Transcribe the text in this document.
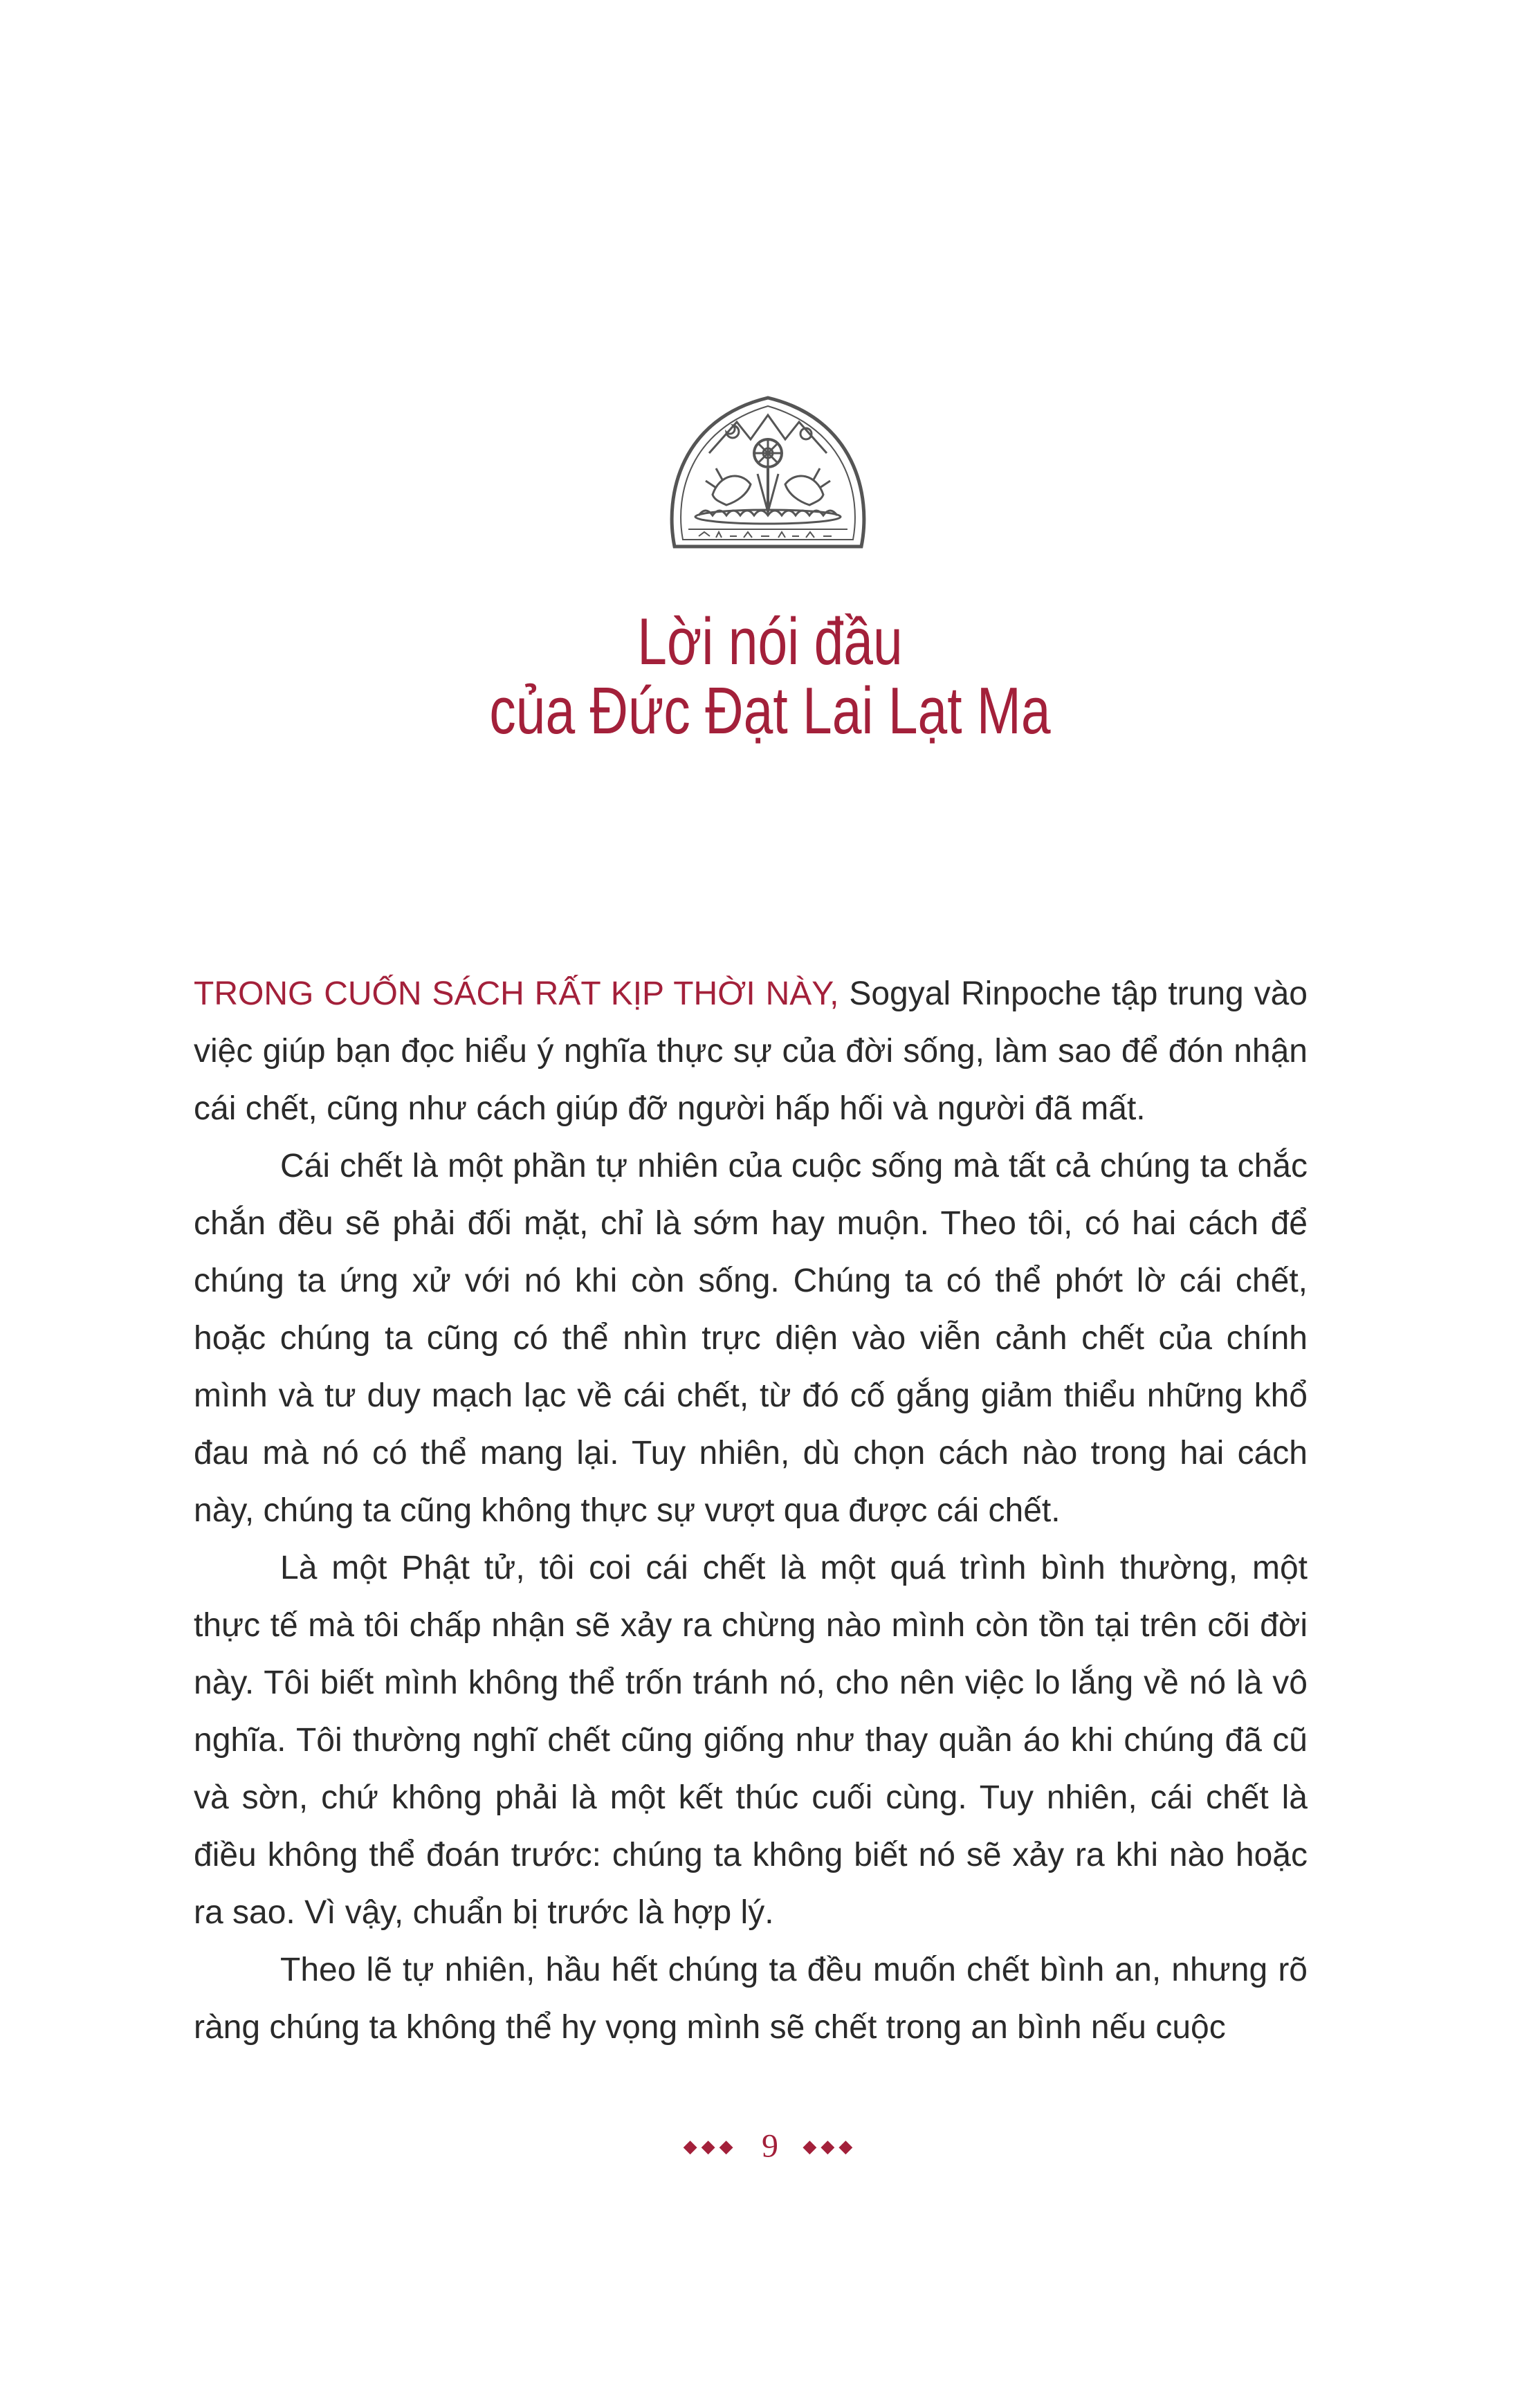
Lời nói đầu
của Đức Đạt Lai Lạt Ma

TRONG CUỐN SÁCH RẤT KỊP THỜI NÀY, Sogyal Rinpoche tập trung vào việc giúp bạn đọc hiểu ý nghĩa thực sự của đời sống, làm sao để đón nhận cái chết, cũng như cách giúp đỡ người hấp hối và người đã mất.

Cái chết là một phần tự nhiên của cuộc sống mà tất cả chúng ta chắc chắn đều sẽ phải đối mặt, chỉ là sớm hay muộn. Theo tôi, có hai cách để chúng ta ứng xử với nó khi còn sống. Chúng ta có thể phớt lờ cái chết, hoặc chúng ta cũng có thể nhìn trực diện vào viễn cảnh chết của chính mình và tư duy mạch lạc về cái chết, từ đó cố gắng giảm thiểu những khổ đau mà nó có thể mang lại. Tuy nhiên, dù chọn cách nào trong hai cách này, chúng ta cũng không thực sự vượt qua được cái chết.

Là một Phật tử, tôi coi cái chết là một quá trình bình thường, một thực tế mà tôi chấp nhận sẽ xảy ra chừng nào mình còn tồn tại trên cõi đời này. Tôi biết mình không thể trốn tránh nó, cho nên việc lo lắng về nó là vô nghĩa. Tôi thường nghĩ chết cũng giống như thay quần áo khi chúng đã cũ và sờn, chứ không phải là một kết thúc cuối cùng. Tuy nhiên, cái chết là điều không thể đoán trước: chúng ta không biết nó sẽ xảy ra khi nào hoặc ra sao. Vì vậy, chuẩn bị trước là hợp lý.

Theo lẽ tự nhiên, hầu hết chúng ta đều muốn chết bình an, nhưng rõ ràng chúng ta không thể hy vọng mình sẽ chết trong an bình nếu cuộc

◆◆◆ 9 ◆◆◆
